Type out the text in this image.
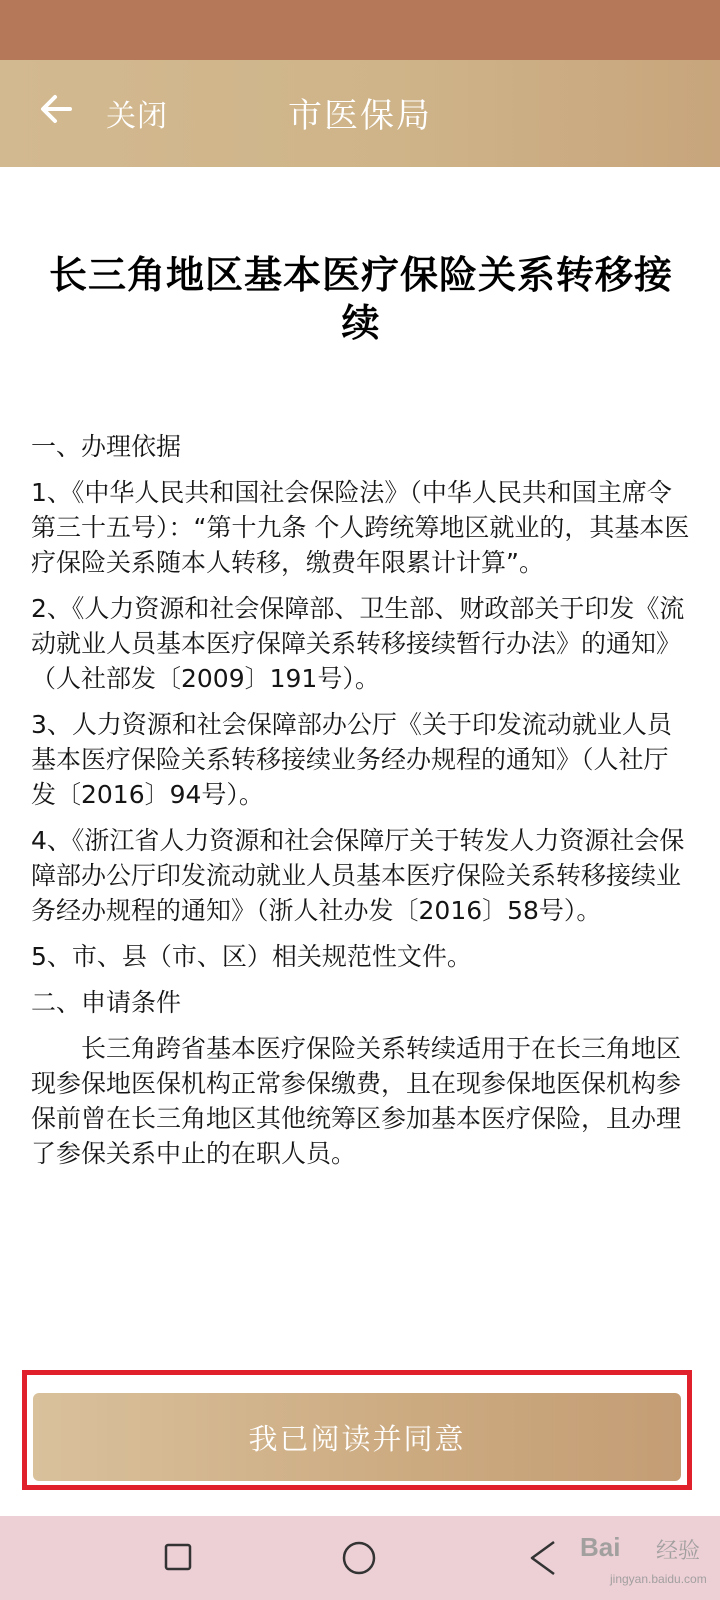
关闭	市医保局
长三角地区基本医疗保险关系转移接续

一、办理依据

1、《中华人民共和国社会保险法》（中华人民共和国主席令第三十五号）：“第十九条 个人跨统筹地区就业的，其基本医疗保险关系随本人转移，缴费年限累计计算”。

2、《人力资源和社会保障部、卫生部、财政部关于印发《流动就业人员基本医疗保障关系转移接续暂行办法》的通知》（人社部发〔2009〕191号）。

3、人力资源和社会保障部办公厅《关于印发流动就业人员基本医疗保险关系转移接续业务经办规程的通知》（人社厅发〔2016〕94号）。

4、《浙江省人力资源和社会保障厅关于转发人力资源社会保障部办公厅印发流动就业人员基本医疗保险关系转移接续业务经办规程的通知》（浙人社办发〔2016〕58号）。

5、市、县（市、区）相关规范性文件。

二、申请条件

长三角跨省基本医疗保险关系转续适用于在长三角地区现参保地医保机构正常参保缴费，且在现参保地医保机构参保前曾在长三角地区其他统筹区参加基本医疗保险，且办理了参保关系中止的在职人员。

我已阅读并同意
Bai 经验
jingyan.baidu.com
